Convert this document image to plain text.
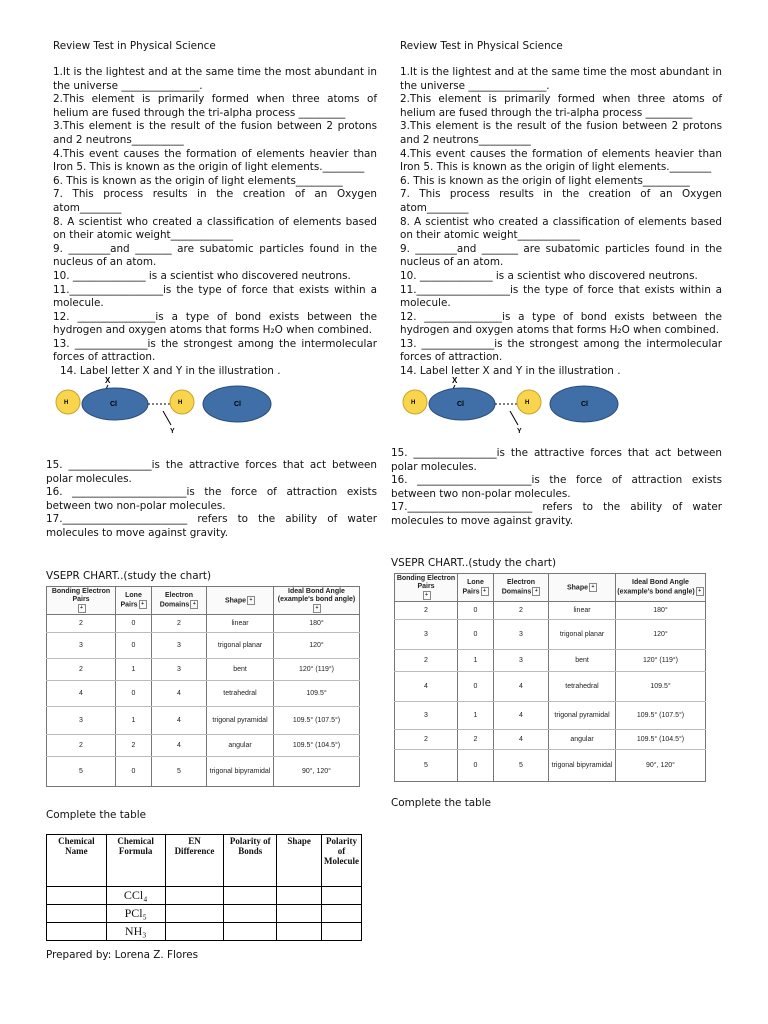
Review Test in Physical Science

1.It is the lightest and at the same time the most abundant in the universe _______________.

2.This element is primarily formed when three atoms of helium are fused through the tri-alpha process _________

3.This element is the result of the fusion between 2 protons and 2 neutrons__________

4.This event causes the formation of elements heavier than Iron 5. This is known as the origin of light elements.________

6. This is known as the origin of light elements_________

7. This process results in the creation of an Oxygen atom________

8. A scientist who created a classification of elements based on their atomic weight____________

9. ________and _______ are subatomic particles found in the nucleus of an atom.

10. ______________ is a scientist who discovered neutrons.

11.__________________is the type of force that exists within a molecule.

12. _______________is a type of bond exists between the hydrogen and oxygen atoms that forms H₂O when combined.

13. ______________is the strongest among the intermolecular forces of attraction.

14. Label letter X and Y in the illustration .

X
H	Cl	H	Cl
Y

15. ________________is the attractive forces that act between polar molecules.

16. ______________________is the force of attraction exists between two non-polar molecules.

17.________________________ refers to the ability of water molecules to move against gravity.

VSEPR CHART..(study the chart)
Bonding Electron Pairs
+	Lone Pairs +	Electron Domains +	Shape +	Ideal Bond Angle (example's bond angle)+
2	0	2	linear	180°
3	0	3	trigonal planar	120°
2	1	3	bent	120° (119°)
4	0	4	tetrahedral	109.5°
3	1	4	trigonal pyramidal	109.5° (107.5°)
2	2	4	angular	109.5° (104.5°)
5	0	5	trigonal bipyramidal	90°, 120°
Complete the table
Chemical Name	Chemical Formula	EN Difference	Polarity of Bonds	Shape	Polarity of Molecule
	CCl₄				
	PCl₅				
	NH₃				
Prepared by: Lorena Z. Flores
Review Test in Physical Science

1.It is the lightest and at the same time the most abundant in the universe _______________.

2.This element is primarily formed when three atoms of helium are fused through the tri-alpha process _________

3.This element is the result of the fusion between 2 protons and 2 neutrons__________

4.This event causes the formation of elements heavier than Iron 5. This is known as the origin of light elements.________

6. This is known as the origin of light elements_________

7. This process results in the creation of an Oxygen atom________

8. A scientist who created a classification of elements based on their atomic weight____________

9. ________and _______ are subatomic particles found in the nucleus of an atom.

10. ______________ is a scientist who discovered neutrons.

11.__________________is the type of force that exists within a molecule.

12. _______________is a type of bond exists between the hydrogen and oxygen atoms that forms H₂O when combined.

13. ______________is the strongest among the intermolecular forces of attraction.

14. Label letter X and Y in the illustration .

X
H	Cl	H	Cl
Y

15. ________________is the attractive forces that act between polar molecules.

16. ______________________is the force of attraction exists between two non-polar molecules.

17.________________________ refers to the ability of water molecules to move against gravity.

VSEPR CHART..(study the chart)
Bonding Electron Pairs
+	Lone Pairs +	Electron Domains +	Shape +	Ideal Bond Angle (example's bond angle) +
2	0	2	linear	180°
3	0	3	trigonal planar	120°
2	1	3	bent	120° (119°)
4	0	4	tetrahedral	109.5°
3	1	4	trigonal pyramidal	109.5° (107.5°)
2	2	4	angular	109.5° (104.5°)
5	0	5	trigonal bipyramidal	90°, 120°
Complete the table
